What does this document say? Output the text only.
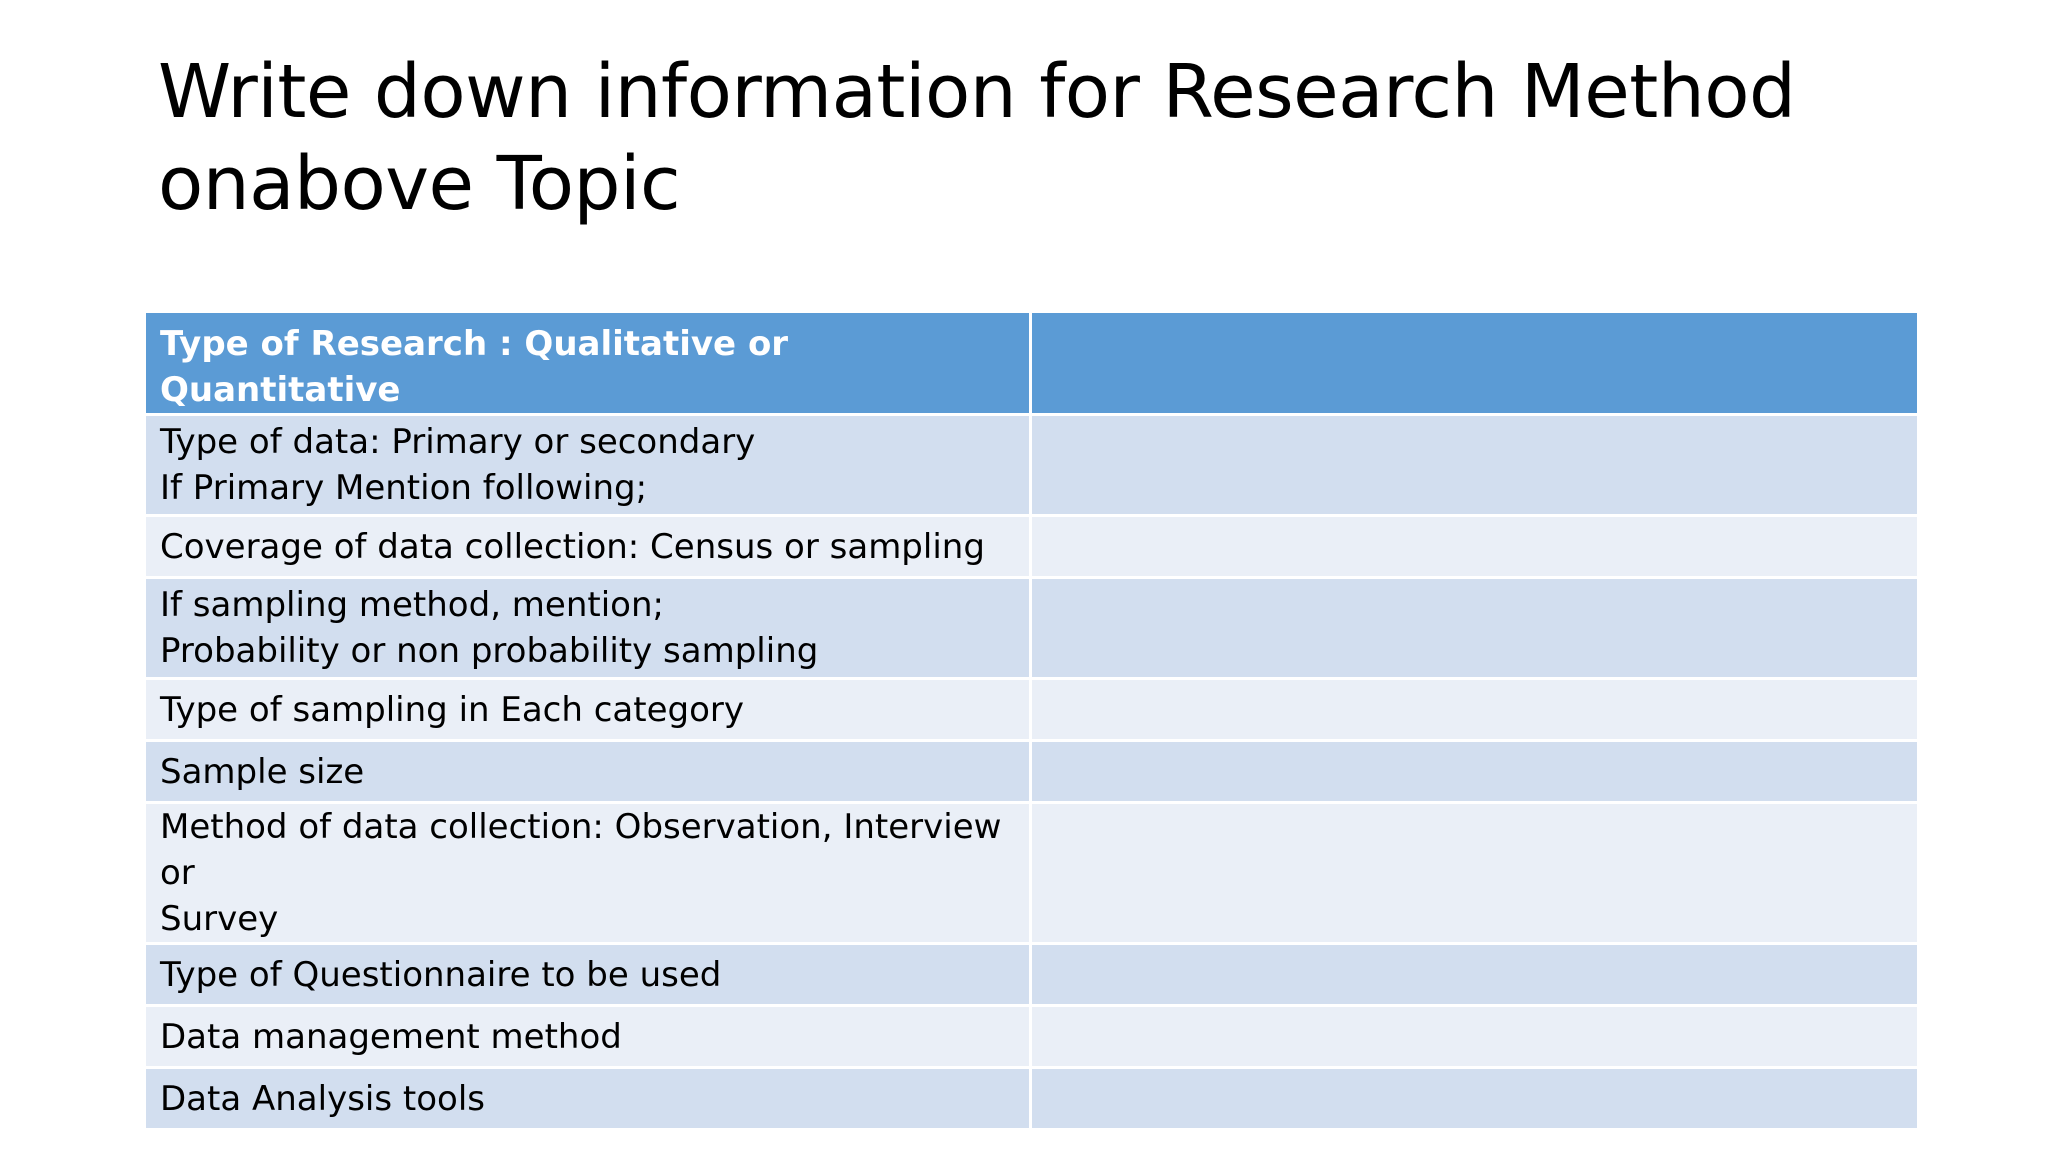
Write down information for Research Method
onabove Topic
Type of Research : Qualitative or Quantitative	

Type of data: Primary or secondary
If Primary Mention following;	

Coverage of data collection: Census or sampling	

If sampling method, mention;
Probability or non probability sampling	

Type of sampling in Each category	

Sample size	

Method of data collection: Observation, Interview or
Survey	

Type of Questionnaire to be used	

Data management method	

Data Analysis tools	
